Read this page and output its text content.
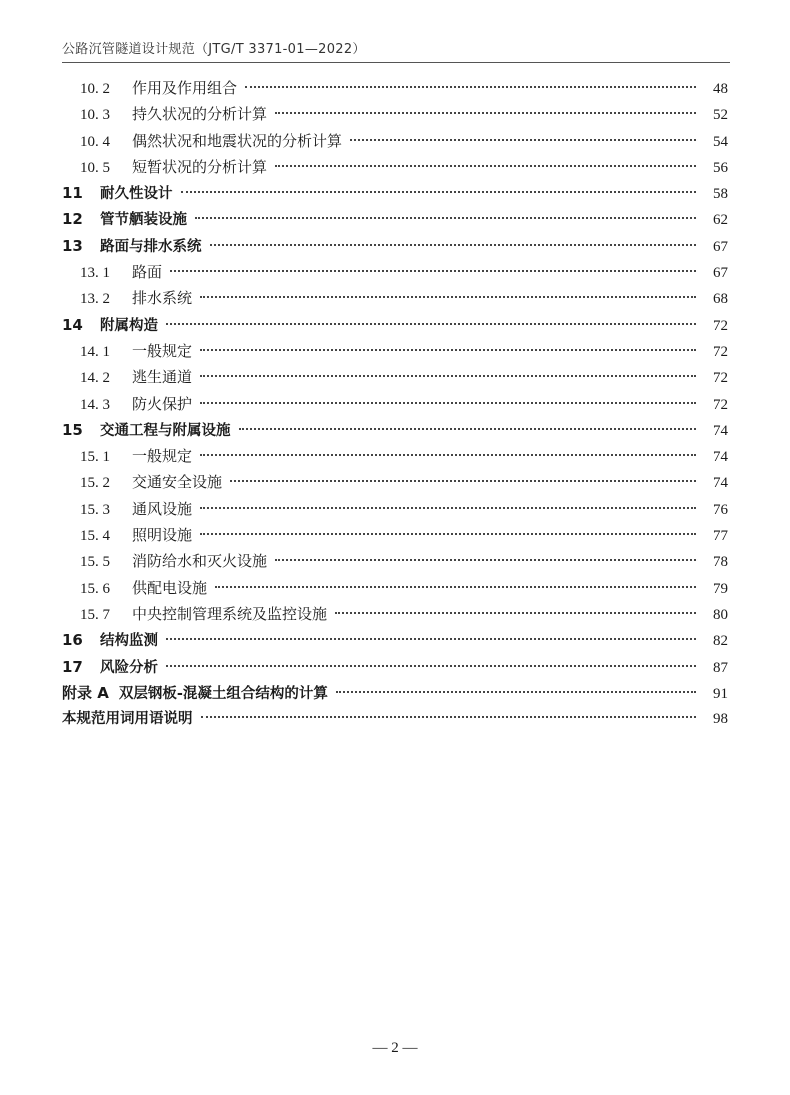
公路沉管隧道设计规范（JTG/T 3371-01—2022）
10. 2	作用及作用组合	48
10. 3	持久状况的分析计算	52
10. 4	偶然状况和地震状况的分析计算	54
10. 5	短暂状况的分析计算	56
11	耐久性设计	58
12	管节舾装设施	62
13	路面与排水系统	67
13. 1	路面	67
13. 2	排水系统	68
14	附属构造	72
14. 1	一般规定	72
14. 2	逃生通道	72
14. 3	防火保护	72
15	交通工程与附属设施	74
15. 1	一般规定	74
15. 2	交通安全设施	74
15. 3	通风设施	76
15. 4	照明设施	77
15. 5	消防给水和灭火设施	78
15. 6	供配电设施	79
15. 7	中央控制管理系统及监控设施	80
16	结构监测	82
17	风险分析	87
附录 A 双层钢板-混凝土组合结构的计算	91
本规范用词用语说明	98
— 2 —
